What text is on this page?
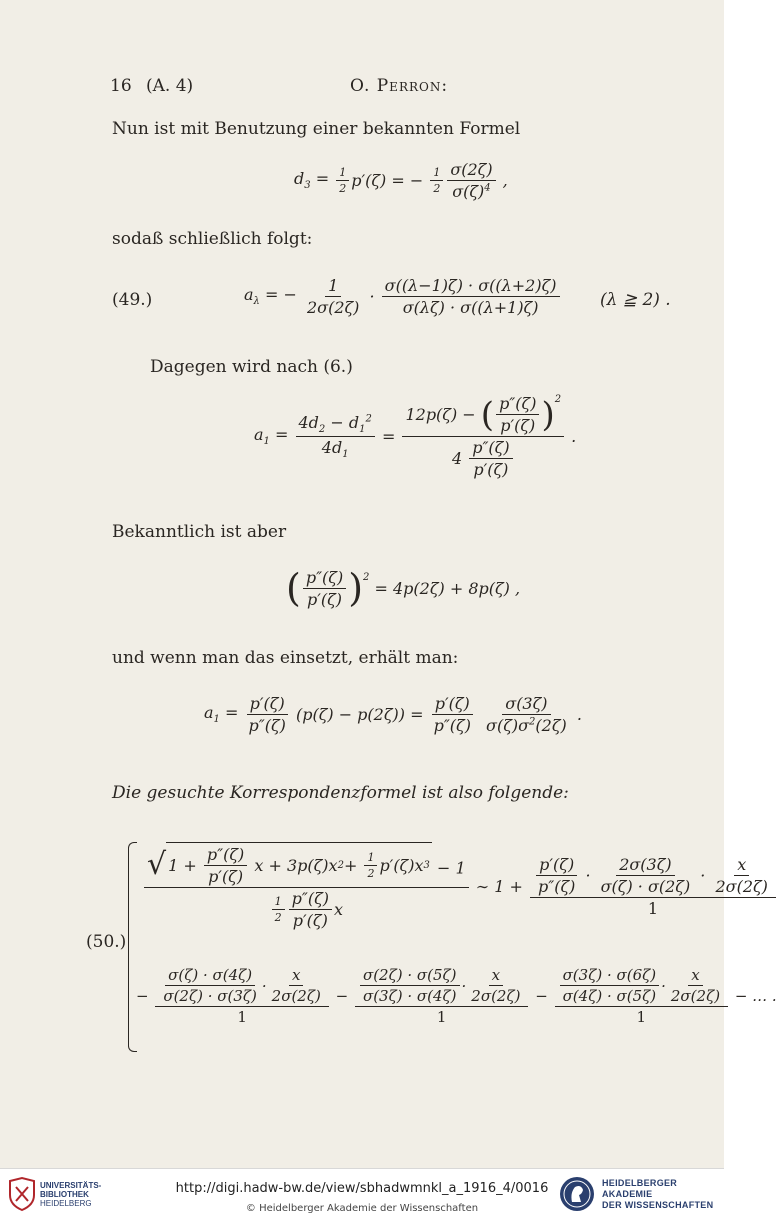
16 (A. 4)	O. Perron:
Nun ist mit Benutzung einer bekannten Formel
$d_3 = \frac{1}{2} p'(\zeta)$ = − $\frac{1}{2} \frac{\sigma(2\zeta)}{\sigma(\zeta)^4}$ ,
sodaß schließlich folgt:
(49.)	$a_\lambda$ = − $\frac{1}{2\sigma(2\zeta)} \cdot \frac{\sigma((\lambda-1)\zeta) \cdot \sigma((\lambda+2)\zeta)}{\sigma(\lambda\zeta) \cdot \sigma((\lambda+1)\zeta)} (\lambda$ ≧ 2) .
Dagegen wird nach (6.)
$a_1 = \frac{4d_2 - d_1^2}{4d_1} = \frac{12p(\zeta) - ( \frac{p''(\zeta)}{p'(\zeta)} ) 2}{4 \frac{p''(\zeta)}{p'(\zeta)}}$ .
Bekanntlich ist aber
( $\frac{p''(\zeta)}{p'(\zeta)}$ ) 2
= 4p(2ζ) + 8p(ζ) ,
und wenn man das einsetzt, erhält man:
$a_1 = \frac{p'(\zeta)}{p''(\zeta)} (p(\zeta) - p(2\zeta)) = \frac{p'(\zeta)}{p''(\zeta)}$
$\frac{\sigma(3\zeta)}{\sigma(\zeta)\sigma^2(2\zeta)}$ .
Die gesuchte Korrespondenzformel ist also folgende:
(50.)
$\frac{√ 1 + \frac{p''(\zeta)}{p'(\zeta)} x + 3p(\zeta)x 2 + \frac{1}{2} p'(\zeta)x 3 - 1}{\frac{1}{2} \frac{p''(\zeta)}{p'(\zeta)} x}$ ∼ $1 + \frac{\frac{p'(\zeta)}{p''(\zeta)} \cdot \frac{2\sigma(3\zeta)}{\sigma(\zeta) \cdot \sigma(2\zeta)} \cdot \frac{x}{2\sigma(2\zeta)}}{1}$
− $\frac{\frac{\sigma(\zeta) \cdot \sigma(4\zeta)}{\sigma(2\zeta) \cdot \sigma(3\zeta)} \cdot \frac{x}{2\sigma(2\zeta)}}{1} - \frac{\frac{\sigma(2\zeta) \cdot \sigma(5\zeta)}{\sigma(3\zeta) \cdot \sigma(4\zeta)} \cdot \frac{x}{2\sigma(2\zeta)}}{1} - \frac{\frac{\sigma(3\zeta) \cdot \sigma(6\zeta)}{\sigma(4\zeta) \cdot \sigma(5\zeta)} \cdot \frac{x}{2\sigma(2\zeta)}}{1}$ − … .
UNIVERSITÄTS-
BIBLIOTHEK
HEIDELBERG
http://digi.hadw-bw.de/view/sbhadwmnkl_a_1916_4/0016
© Heidelberger Akademie der Wissenschaften
HEIDELBERGER AKADEMIE
DER WISSENSCHAFTEN
